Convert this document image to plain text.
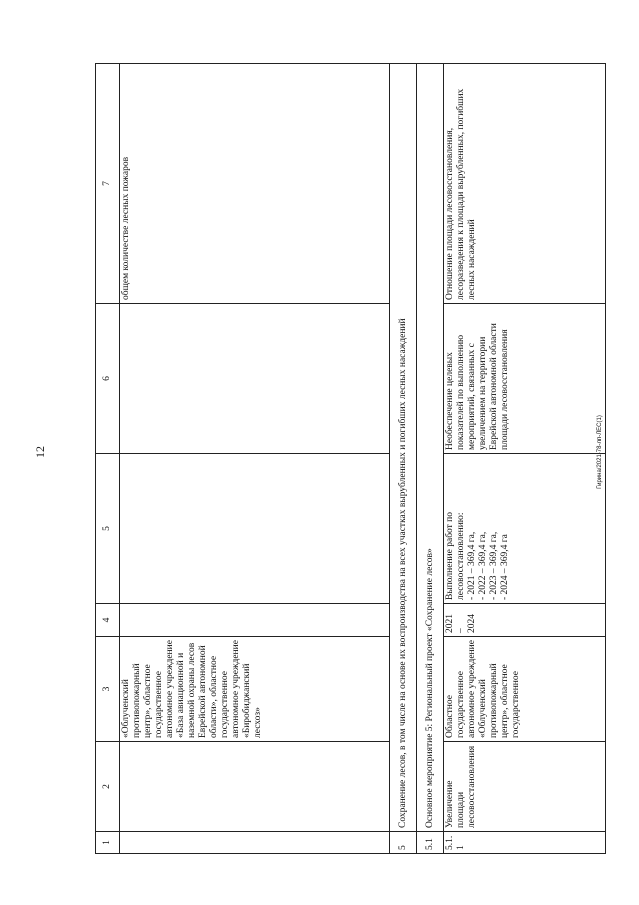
12	Гирина/2021-78-лп-ЛЕС(1)
1	2	3	4	5	6	7
		«Облученский противопожарный центр», областное государственное автономное учреждение «База авиационной и наземной охраны лесов Еврейской автономной области», областное государственное автономное учреждение «Биробиджанский лесхоз»				общем количестве лесных пожаров
5	Сохранение лесов, в том числе на основе их воспроизводства на всех участках вырубленных и погибших лесных насаждений					
5.1	Основное мероприятие 5: Региональный проект «Сохранение лесов»					
5.1.1	Увеличение площади лесовосстановления	Областное государственное автономное учреждение «Облученский противопожарный центр», областное государственное	2021 – 2024	Выполнение работ по лесовосстановлению: - 2021 – 369,4 га, - 2022 – 369,4 га, - 2023 – 369,4 га, - 2024 – 369,4 га	Необеспечение целевых показателей по выполнению мероприятий, связанных с увеличением на территории Еврейской автономной области площади лесовосстановления	Отношение площади лесовосстановления, лесоразведения к площади вырубленных, погибших лесных насаждений
